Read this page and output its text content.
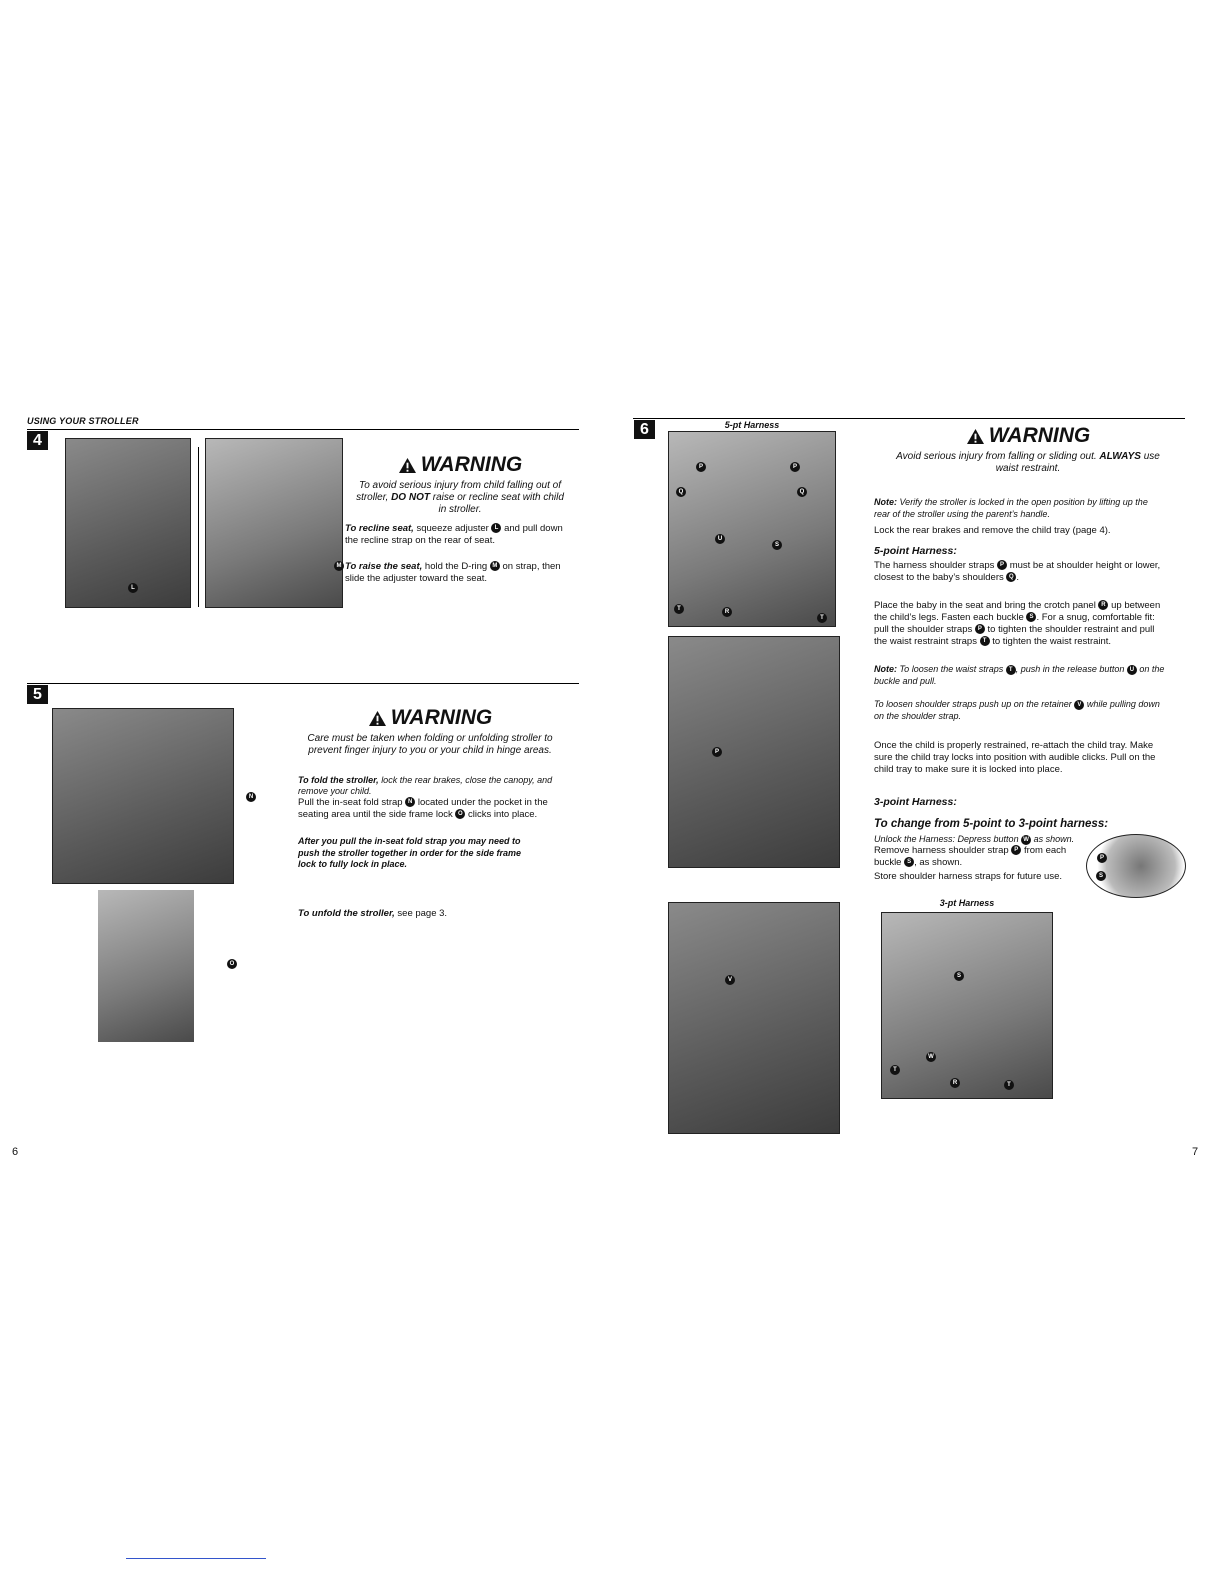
USING YOUR STROLLER
4
L
M
WARNING
To avoid serious injury from child falling out of
stroller, DO NOT raise or recline seat with child
in stroller.
To recline seat, squeeze adjuster L and pull down
the recline strap on the rear of seat.
To raise the seat, hold the D-ring M on strap, then
slide the adjuster toward the seat.
5
N
O
WARNING
Care must be taken when folding or unfolding stroller to
prevent finger injury to you or your child in hinge areas.
To fold the stroller, lock the rear brakes, close the canopy, and
remove your child.
Pull the in-seat fold strap N located under the pocket in the
seating area until the side frame lock O clicks into place.
After you pull the in-seat fold strap you may need to
push the stroller together in order for the side frame
lock to fully lock in place.
To unfold the stroller, see page 3.
6
6	5-pt Harness
P	P
Q	Q
U
S
T	R
T
P
V
WARNING
Avoid serious injury from falling or sliding out. ALWAYS use
waist restraint.
Note: Verify the stroller is locked in the open position by lifting up the
rear of the stroller using the parent’s handle.
Lock the rear brakes and remove the child tray (page 4).
5-point Harness:
The harness shoulder straps P must be at shoulder height or lower,
closest to the baby’s shoulders Q .
Place the baby in the seat and bring the crotch panel R up between
the child’s legs. Fasten each buckle S . For a snug, comfortable fit:
pull the shoulder straps P to tighten the shoulder restraint and pull
the waist restraint straps T to tighten the waist restraint.
Note: To loosen the waist straps T , push in the release button U on the
buckle and pull.
To loosen shoulder straps push up on the retainer V while pulling down
on the shoulder strap.
Once the child is properly restrained, re-attach the child tray. Make
sure the child tray locks into position with audible clicks. Pull on the
child tray to make sure it is locked into place.
3-point Harness:
To change from 5-point to 3-point harness:
Unlock the Harness: Depress button W as shown.
Remove harness shoulder strap P from each
buckle S , as shown.
Store shoulder harness straps for future use.
P
S
3-pt Harness
S
W
T
R	T
7
